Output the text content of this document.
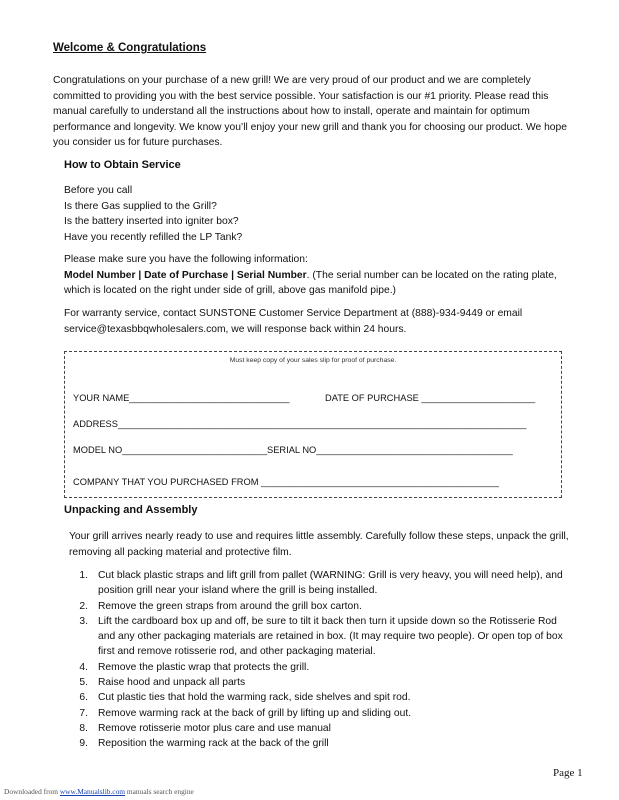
Welcome & Congratulations
Congratulations on your purchase of a new grill! We are very proud of our product and we are completely committed to providing you with the best service possible. Your satisfaction is our #1 priority. Please read this manual carefully to understand all the instructions about how to install, operate and maintain for optimum performance and longevity. We know you’ll enjoy your new grill and thank you for choosing our product. We hope you consider us for future purchases.
How to Obtain Service
Before you call
Is there Gas supplied to the Grill?
Is the battery inserted into igniter box?
Have you recently refilled the LP Tank?
Please make sure you have the following information:
Model Number | Date of Purchase | Serial Number. (The serial number can be located on the rating plate, which is located on the right under side of grill, above gas manifold pipe.)
For warranty service, contact SUNSTONE Customer Service Department at (888)-934-9449 or email service@texasbbqwholesalers.com, we will response back within 24 hours.
Must keep copy of your sales slip for proof of purchase.
YOUR NAME_______________________________	DATE OF PURCHASE ______________________
ADDRESS_______________________________________________________________________________
MODEL NO____________________________SERIAL NO______________________________________
COMPANY THAT YOU PURCHASED FROM ______________________________________________
Unpacking and Assembly
Your grill arrives nearly ready to use and requires little assembly. Carefully follow these steps, unpack the grill, removing all packing material and protective film.
1. Cut black plastic straps and lift grill from pallet (WARNING: Grill is very heavy, you will need help), and position grill near your island where the grill is being installed.
2. Remove the green straps from around the grill box carton.
3. Lift the cardboard box up and off, be sure to tilt it back then turn it upside down so the Rotisserie Rod and any other packaging materials are retained in box. (It may require two people). Or open top of box first and remove rotisserie rod, and other packaging material.
4. Remove the plastic wrap that protects the grill.
5. Raise hood and unpack all parts
6. Cut plastic ties that hold the warming rack, side shelves and spit rod.
7. Remove warming rack at the back of grill by lifting up and sliding out.
8. Remove rotisserie motor plus care and use manual
9. Reposition the warming rack at the back of the grill
Page 1
Downloaded from www.Manualslib.com manuals search engine
